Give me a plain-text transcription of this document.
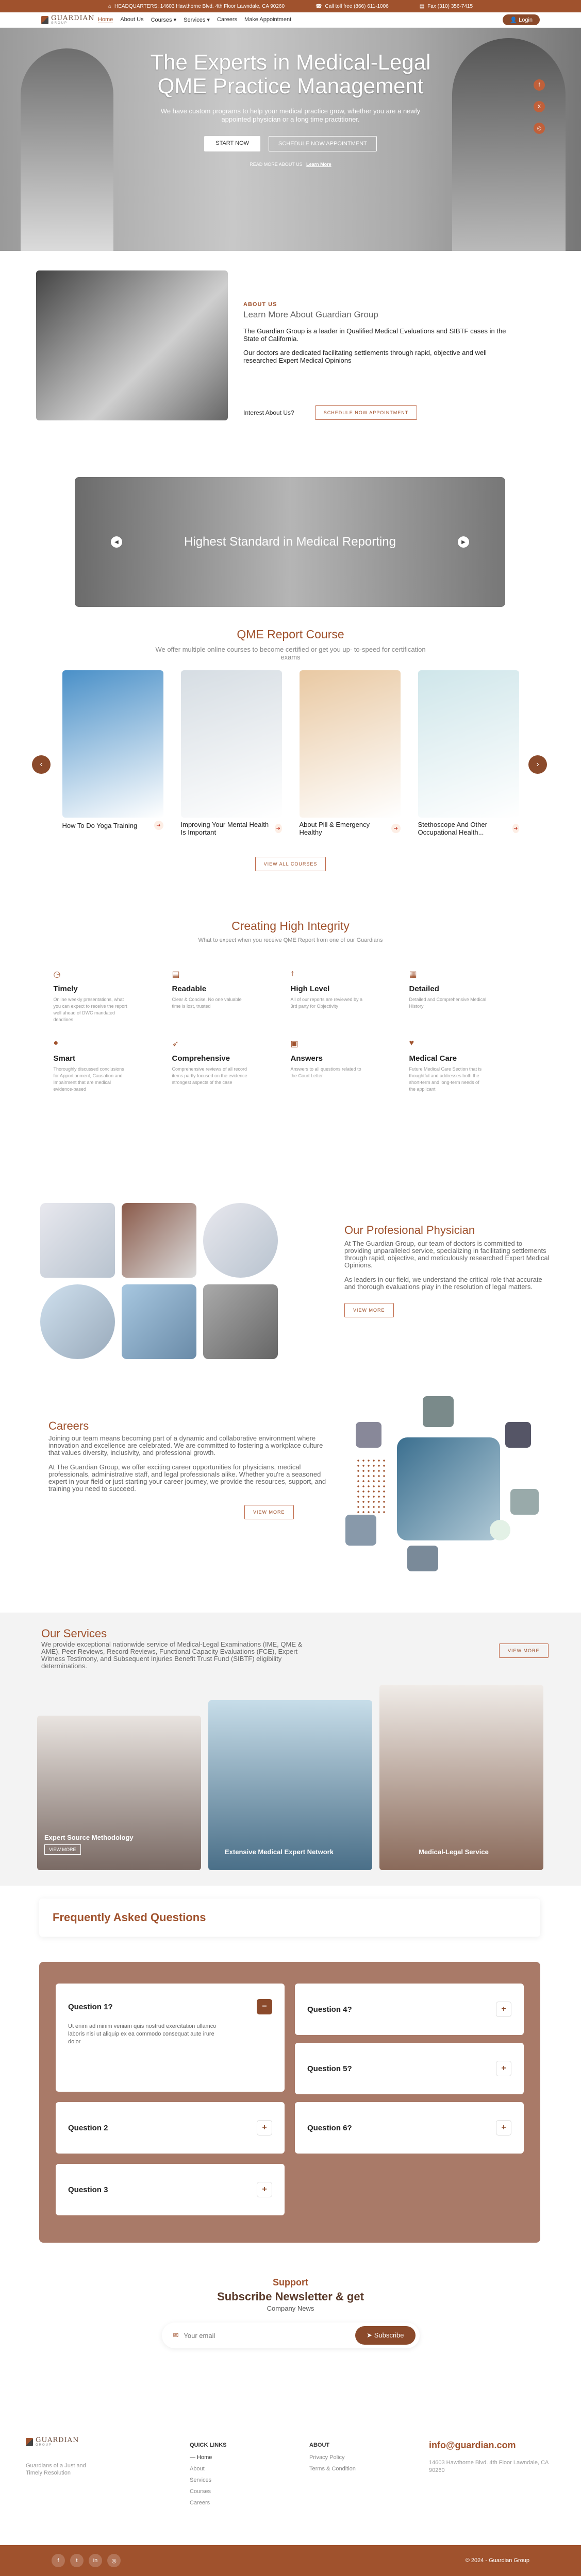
⌂ HEADQUARTERS: 14603 Hawthorne Blvd. 4th Floor Lawndale, CA 90260	☎ Call toll free (866) 611-1006	▤ Fax (310) 356-7415
GUARDIAN
GROUP
Home About Us Courses ▾ Services ▾ Careers Make Appointment	👤 Login
The Experts in Medical-Legal QME Practice Management

We have custom programs to help your medical practice grow, whether you are a newly appointed physician or a long time practitioner.

START NOW	SCHEDULE NOW APPOINTMENT
READ MORE ABOUT US Learn More
f
X
◎
ABOUT US
Learn More About Guardian Group

The Guardian Group is a leader in Qualified Medical Evaluations and SIBTF cases in the State of California.

Our doctors are dedicated facilitating settlements through rapid, objective and well researched Expert Medical Opinions

Interest About Us?	SCHEDULE NOW APPOINTMENT
◀	Highest Standard in Medical Reporting	▶
QME Report Course
We offer multiple online courses to become certified or get you up- to-speed for certification exams
How To Do Yoga Training	➜	Improving Your Mental Health Is Important	➜	About Pill & Emergency Healthy	➜	Stethoscope And Other Occupational Health...	➜
VIEW ALL COURSES
‹	›
Creating High Integrity
What to expect when you receive QME Report from one of our Guardians
◷
Timely

Online weekly presentations, what you can expect to receive the report well ahead of DWC mandated deadlines

▤
Readable

Clear & Concise. No one valuable time is lost, trusted

↑
High Level

All of our reports are reviewed by a 3rd party for Objectivity

▦
Detailed

Detailed and Comprehensive Medical History

●
Smart

Thoroughly discussed conclusions for Apportionment, Causation and Impairment that are medical evidence-based

➶
Comprehensive

Comprehensive reviews of all record items partly focused on the evidence strongest aspects of the case

▣
Answers

Answers to all questions related to the Court Letter

♥
Medical Care

Future Medical Care Section that is thoughtful and addresses both the short-term and long-term needs of the applicant

Our Profesional Physician

At The Guardian Group, our team of doctors is committed to providing unparalleled service, specializing in facilitating settlements through rapid, objective, and meticulously researched Expert Medical Opinions.

As leaders in our field, we understand the critical role that accurate and thorough evaluations play in the resolution of legal matters.

VIEW MORE
Careers

Joining our team means becoming part of a dynamic and collaborative environment where innovation and excellence are celebrated. We are committed to fostering a workplace culture that values diversity, inclusivity, and professional growth.

At The Guardian Group, we offer exciting career opportunities for physicians, medical professionals, administrative staff, and legal professionals alike. Whether you're a seasoned expert in your field or just starting your career journey, we provide the resources, support, and training you need to succeed.

VIEW MORE
Our Services
We provide exceptional nationwide service of Medical-Legal Examinations (IME, QME & AME), Peer Reviews, Record Reviews, Functional Capacity Evaluations (FCE), Expert Witness Testimony, and Subsequent Injuries Benefit Trust Fund (SIBTF) eligibility determinations.
VIEW MORE
Expert Source Methodology
VIEW MORE	Extensive Medical Expert Network	Medical-Legal Service
Frequently Asked Questions
Question 1?	−

Ut enim ad minim veniam quis nostrud exercitation ullamco laboris nisi ut aliquip ex ea commodo consequat aute irure dolor

Question 2	+
Question 3	+
Question 4?	+
Question 5?	+
Question 6?	+
Support
Subscribe Newsletter & get
Company News
✉
Your email	➤ Subscribe
GUARDIAN
GROUP

Guardians of a Just and Timely Resolution

QUICK LINKS
— Home
About
Services
Courses
Careers
ABOUT
Privacy Policy
Terms & Condition
info@guardian.com

14603 Hawthorne Blvd. 4th Floor Lawndale, CA 90260

f	t	in	◎	© 2024 - Guardian Group
